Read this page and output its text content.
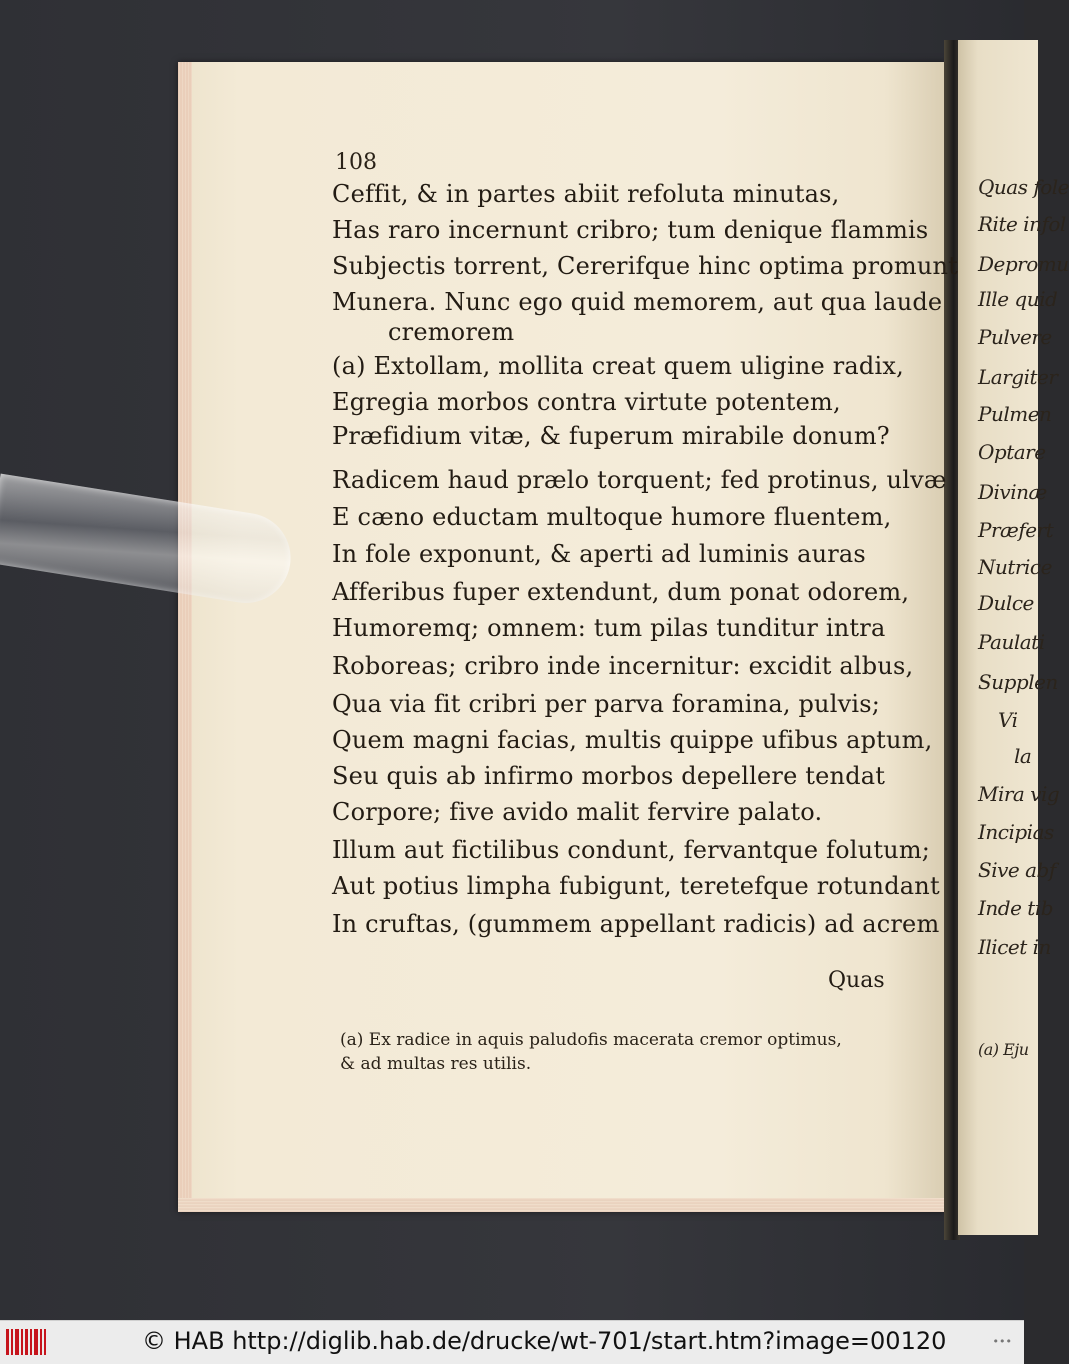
Quas fole
Rite infol
Depromu
Ille quid
Pulvere
Largiter
Pulmen
Optare
Divinæ
Præfert
Nutrice
Dulce
Paulati
Supplen
Vi
la
Mira vig
Incipias
Sive abf
Inde tib
Ilicet in
(a) Eju
108
Ceffit, & in partes abiit refoluta minutas,
Has raro incernunt cribro; tum denique flammis
Subjectis torrent, Cererifque hinc optima promunt
Munera. Nunc ego quid memorem, aut qua laude
cremorem
(a) Extollam, mollita creat quem uligine radix,
Egregia morbos contra virtute potentem,
Præfidium vitæ, & fuperum mirabile donum?
Radicem haud prælo torquent; fed protinus, ulvæ
E cæno eductam multoque humore fluentem,
In fole exponunt, & aperti ad luminis auras
Afferibus fuper extendunt, dum ponat odorem,
Humoremq; omnem: tum pilas tunditur intra
Roboreas; cribro inde incernitur: excidit albus,
Qua via fit cribri per parva foramina, pulvis;
Quem magni facias, multis quippe ufibus aptum,
Seu quis ab infirmo morbos depellere tendat
Corpore; five avido malit fervire palato.
Illum aut fictilibus condunt, fervantque folutum;
Aut potius limpha fubigunt, teretefque rotundant
In cruftas, (gummem appellant radicis) ad acrem
Quas
(a) Ex radice in aquis paludofis macerata cremor optimus,
& ad multas res utilis.
© HAB http://diglib.hab.de/drucke/wt-701/start.htm?image=00120	•••
